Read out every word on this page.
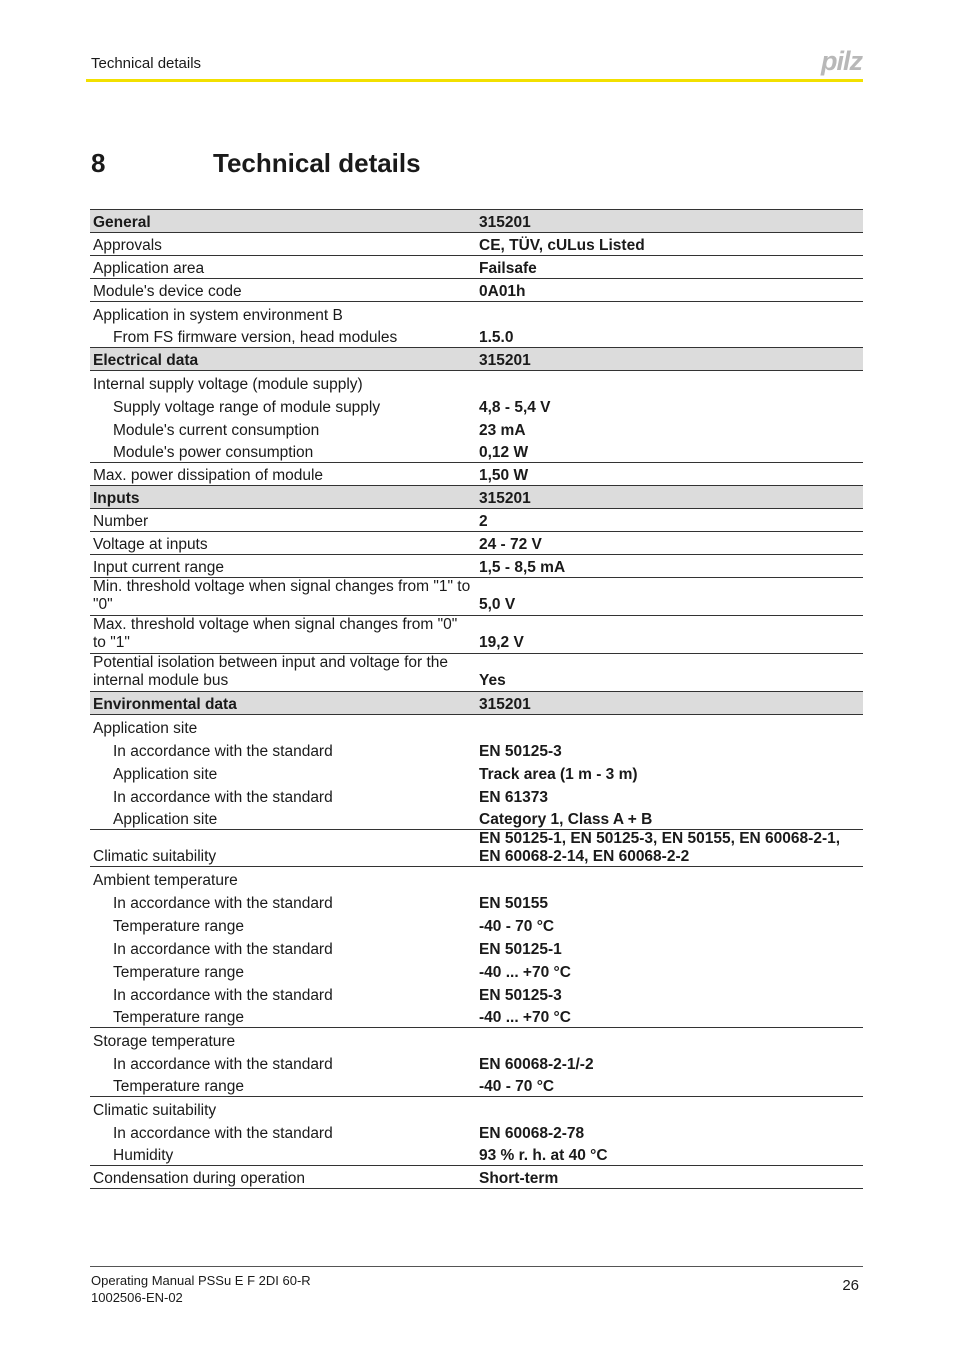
Technical details	pilz
8	Technical details
General	315201
Approvals	CE, TÜV, cULus Listed
Application area	Failsafe
Module's device code	0A01h
Application in system environment B	
From FS firmware version, head modules	1.5.0
Electrical data	315201
Internal supply voltage (module supply)	
Supply voltage range of module supply	4,8 - 5,4 V
Module's current consumption	23 mA
Module's power consumption	0,12 W
Max. power dissipation of module	1,50 W
Inputs	315201
Number	2
Voltage at inputs	24 - 72 V
Input current range	1,5 - 8,5 mA
Min. threshold voltage when signal changes from "1" to "0"	5,0 V
Max. threshold voltage when signal changes from "0" to "1"	19,2 V
Potential isolation between input and voltage for the internal module bus	Yes
Environmental data	315201
Application site	
In accordance with the standard	EN 50125-3
Application site	Track area (1 m - 3 m)
In accordance with the standard	EN 61373
Application site	Category 1, Class A + B
Climatic suitability	EN 50125-1, EN 50125-3, EN 50155, EN 60068-2-1, EN 60068-2-14, EN 60068-2-2
Ambient temperature	
In accordance with the standard	EN 50155
Temperature range	-40 - 70 °C
In accordance with the standard	EN 50125-1
Temperature range	-40 ... +70 °C
In accordance with the standard	EN 50125-3
Temperature range	-40 ... +70 °C
Storage temperature	
In accordance with the standard	EN 60068-2-1/-2
Temperature range	-40 - 70 °C
Climatic suitability	
In accordance with the standard	EN 60068-2-78
Humidity	93 % r. h. at 40 °C
Condensation during operation	Short-term
Operating Manual PSSu E F 2DI 60-R
1002506-EN-02
26
